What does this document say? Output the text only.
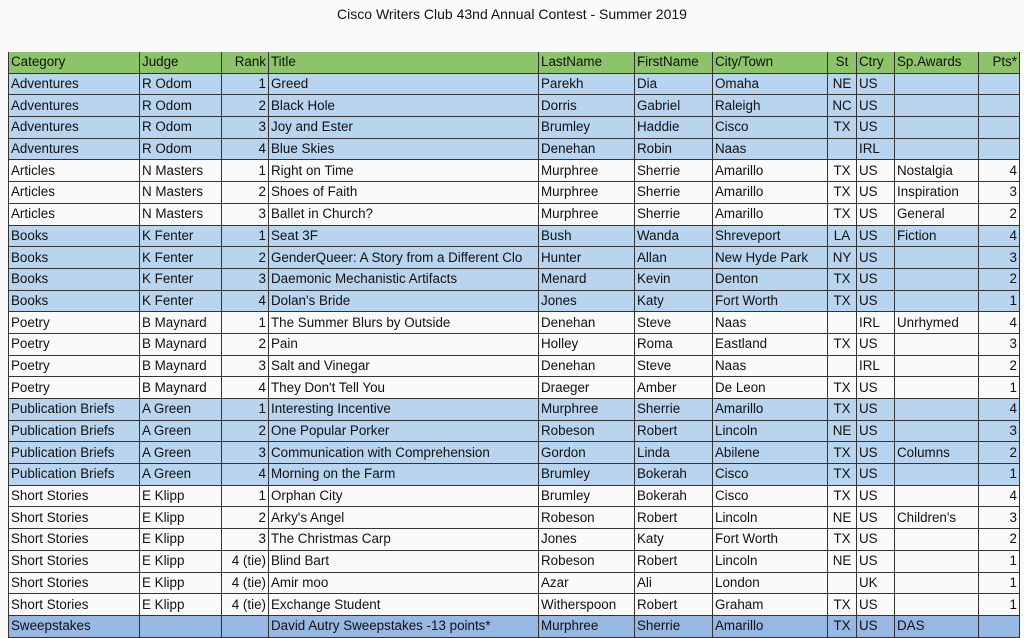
Cisco Writers Club 43nd Annual Contest - Summer 2019
Category	Judge	Rank	Title	LastName	FirstName	City/Town	St	Ctry	Sp.Awards	Pts*
Adventures	R Odom	1	Greed	Parekh	Dia	Omaha	NE	US		
Adventures	R Odom	2	Black Hole	Dorris	Gabriel	Raleigh	NC	US		
Adventures	R Odom	3	Joy and Ester	Brumley	Haddie	Cisco	TX	US		
Adventures	R Odom	4	Blue Skies	Denehan	Robin	Naas		IRL		
Articles	N Masters	1	Right on Time	Murphree	Sherrie	Amarillo	TX	US	Nostalgia	4
Articles	N Masters	2	Shoes of Faith	Murphree	Sherrie	Amarillo	TX	US	Inspiration	3
Articles	N Masters	3	Ballet in Church?	Murphree	Sherrie	Amarillo	TX	US	General	2
Books	K Fenter	1	Seat 3F	Bush	Wanda	Shreveport	LA	US	Fiction	4
Books	K Fenter	2	GenderQueer: A Story from a Different Clo	Hunter	Allan	New Hyde Park	NY	US		3
Books	K Fenter	3	Daemonic Mechanistic Artifacts	Menard	Kevin	Denton	TX	US		2
Books	K Fenter	4	Dolan's Bride	Jones	Katy	Fort Worth	TX	US		1
Poetry	B Maynard	1	The Summer Blurs by Outside	Denehan	Steve	Naas		IRL	Unrhymed	4
Poetry	B Maynard	2	Pain	Holley	Roma	Eastland	TX	US		3
Poetry	B Maynard	3	Salt and Vinegar	Denehan	Steve	Naas		IRL		2
Poetry	B Maynard	4	They Don't Tell You	Draeger	Amber	De Leon	TX	US		1
Publication Briefs	A Green	1	Interesting Incentive	Murphree	Sherrie	Amarillo	TX	US		4
Publication Briefs	A Green	2	One Popular Porker	Robeson	Robert	Lincoln	NE	US		3
Publication Briefs	A Green	3	Communication with Comprehension	Gordon	Linda	Abilene	TX	US	Columns	2
Publication Briefs	A Green	4	Morning on the Farm	Brumley	Bokerah	Cisco	TX	US		1
Short Stories	E Klipp	1	Orphan City	Brumley	Bokerah	Cisco	TX	US		4
Short Stories	E Klipp	2	Arky's Angel	Robeson	Robert	Lincoln	NE	US	Children's	3
Short Stories	E Klipp	3	The Christmas Carp	Jones	Katy	Fort Worth	TX	US		2
Short Stories	E Klipp	4 (tie)	Blind Bart	Robeson	Robert	Lincoln	NE	US		1
Short Stories	E Klipp	4 (tie)	Amir moo	Azar	Ali	London		UK		1
Short Stories	E Klipp	4 (tie)	Exchange Student	Witherspoon	Robert	Graham	TX	US		1
Sweepstakes			David Autry Sweepstakes -13 points*	Murphree	Sherrie	Amarillo	TX	US	DAS	
